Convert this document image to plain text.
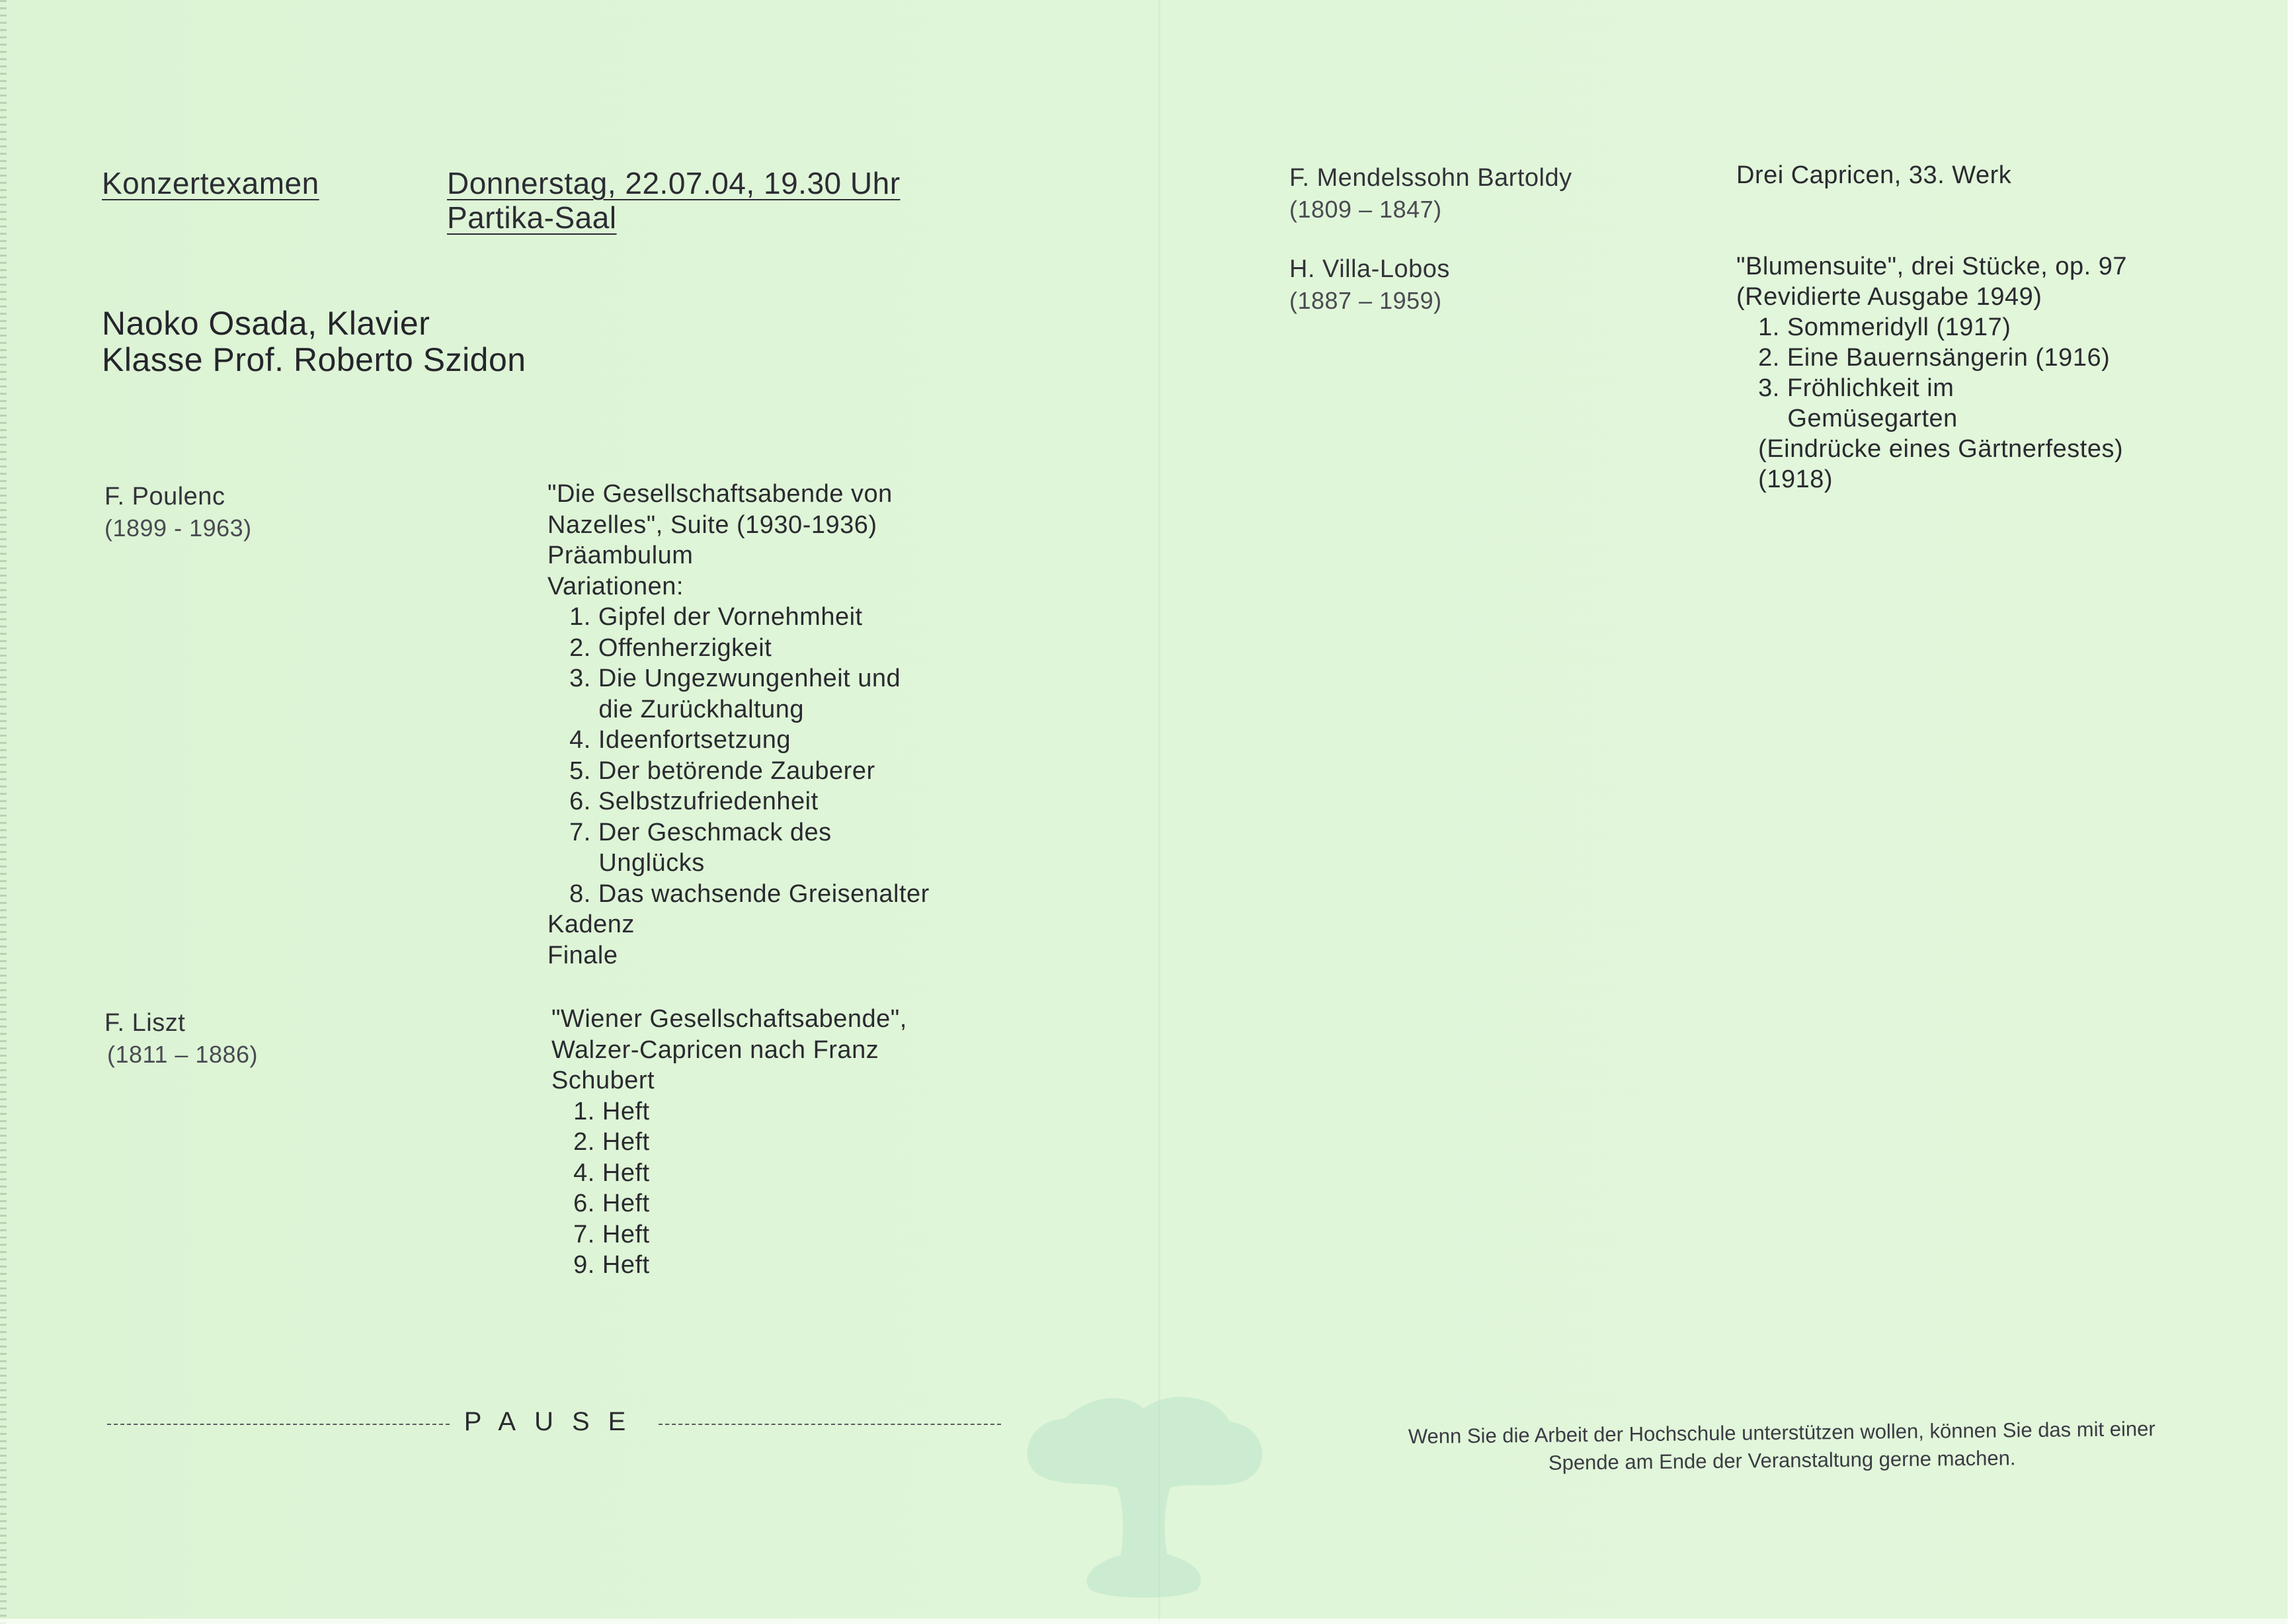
Konzertexamen	Donnerstag, 22.07.04, 19.30 Uhr
Partika-Saal
Naoko Osada, Klavier
Klasse Prof. Roberto Szidon
F. Poulenc
(1899 - 1963)
"Die Gesellschaftsabende von
Nazelles", Suite (1930-1936)
Präambulum
Variationen:
1. Gipfel der Vornehmheit
2. Offenherzigkeit
3. Die Ungezwungenheit und
die Zurückhaltung
4. Ideenfortsetzung
5. Der betörende Zauberer
6. Selbstzufriedenheit
7. Der Geschmack des
Unglücks
8. Das wachsende Greisenalter
Kadenz
Finale
F. Liszt
(1811 – 1886)
"Wiener Gesellschaftsabende",
Walzer-Capricen nach Franz
Schubert
1. Heft
2. Heft
4. Heft
6. Heft
7. Heft
9. Heft
F. Mendelssohn Bartoldy
(1809 – 1847)
Drei Capricen, 33. Werk
H. Villa-Lobos
(1887 – 1959)
"Blumensuite", drei Stücke, op. 97
(Revidierte Ausgabe 1949)
1. Sommeridyll (1917)
2. Eine Bauernsängerin (1916)
3. Fröhlichkeit im
Gemüsegarten
(Eindrücke eines Gärtnerfestes)
(1918)
PAUSE	Wenn Sie die Arbeit der Hochschule unterstützen wollen, können Sie das mit einer
Spende am Ende der Veranstaltung gerne machen.
